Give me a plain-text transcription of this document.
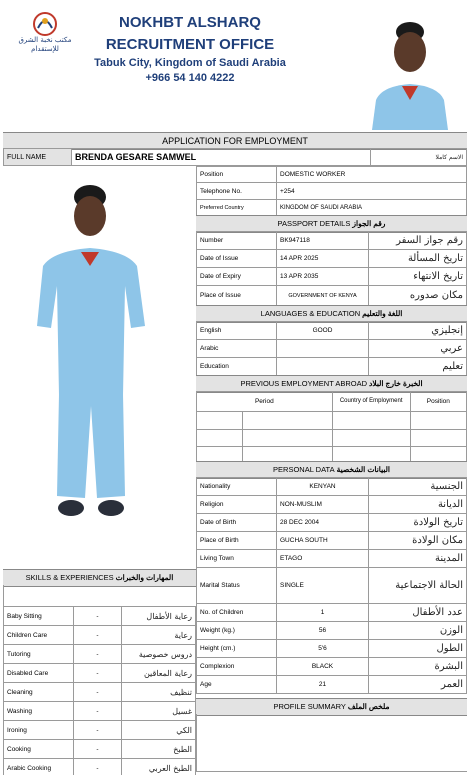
مكتب نخبة الشرق للإستقدام
NOKHBT ALSHARQ
RECRUITMENT OFFICE
Tabuk City, Kingdom of Saudi Arabia
+966 54 140 4222
APPLICATION FOR EMPLOYMENT
FULL NAME	BRENDA GESARE SAMWEL	الاسم كاملا
Position	DOMESTIC WORKER
Telephone No.	+254
Preferred Country	KINGDOM OF SAUDI ARABIA
PASSPORT DETAILS رقم الجواز
Number	BK947118	رقم جواز السفر
Date of Issue	14 APR 2025	تاريخ المسألة
Date of Expiry	13 APR 2035	تاريخ الانتهاء
Place of Issue	GOVERNMENT OF KENYA	مكان صدوره
LANGUAGES & EDUCATION اللغة والتعليم
English	GOOD	إنجليزي
Arabic		عربي
Education		تعليم
PREVIOUS EMPLOYMENT ABROAD الخبرة خارج البلاد
Period		Country of Employment	Position

PERSONAL DATA البيانات الشخصية
Nationality	KENYAN	الجنسية
Religion	NON-MUSLIM	الديانة
Date of Birth	28 DEC 2004	تاريخ الولادة
Place of Birth	GUCHA SOUTH	مكان الولادة
Living Town	ETAGO	المدينة
Marital Status	SINGLE	الحالة الاجتماعية
No. of Children	1	عدد الأطفال
Weight (kg.)	56	الوزن
Height (cm.)	5'6	الطول
Complexion	BLACK	البشرة
Age	21	العمر
PROFILE SUMMARY ملخص الملف
SKILLS & EXPERIENCES المهارات والخبرات
Baby Sitting	-	رعاية الأطفال
Children Care	-	رعاية
Tutoring	-	دروس خصوصية
Disabled Care	-	رعاية المعاقين
Cleaning	-	تنظيف
Washing	-	غسيل
Ironing	-	الكي
Cooking	-	الطبخ
Arabic Cooking	-	الطبخ العربي
